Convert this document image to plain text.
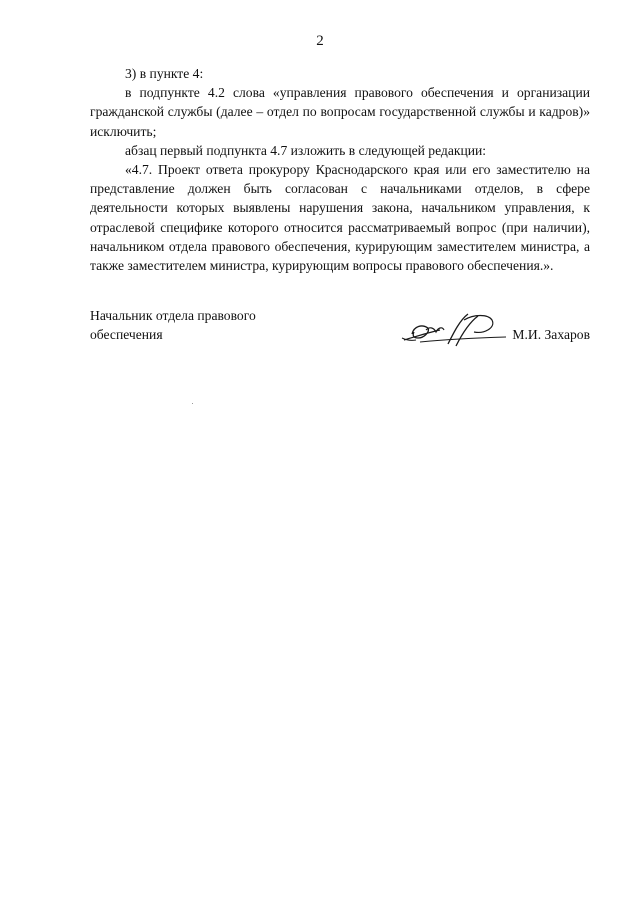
2

3) в пункте 4:

в подпункте 4.2 слова «управления правового обеспечения и организации гражданской службы (далее – отдел по вопросам государственной службы и кадров)» исключить;

абзац первый подпункта 4.7 изложить в следующей редакции:

«4.7. Проект ответа прокурору Краснодарского края или его заместителю на представление должен быть согласован с начальниками отделов, в сфере деятельности которых выявлены нарушения закона, начальником управления, к отраслевой специфике которого относится рассматриваемый вопрос (при наличии), начальником отдела правового обеспечения, курирующим заместителем министра, а также заместителем министра, курирующим вопросы правового обеспечения.».

Начальник отдела правового
обеспечения	М.И. Захаров
